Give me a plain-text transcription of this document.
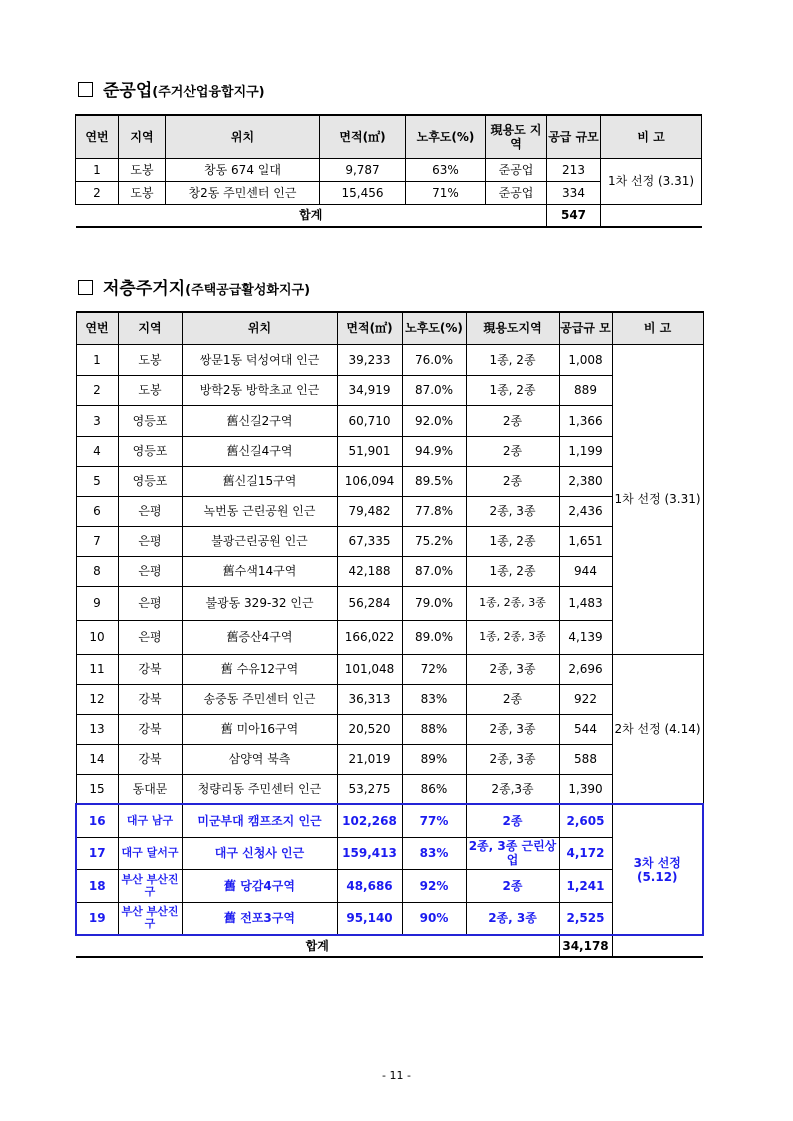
준공업(주거산업융합지구)
연번	지역	위치	면적(㎡)	노후도(%)	現용도 지역	공급 규모	비 고
1	도봉	창동 674 일대	9,787	63%	준공업	213	1차 선정 (3.31)
2	도봉	창2동 주민센터 인근	15,456	71%	준공업	334	
합계						547	
저층주거지(주택공급활성화지구)
연번	지역	위치	면적(㎡)	노후도(%)	現용도지역	공급규 모	비 고
1	도봉	쌍문1동 덕성여대 인근	39,233	76.0%	1종, 2종	1,008	1차 선정 (3.31)
2	도봉	방학2동 방학초교 인근	34,919	87.0%	1종, 2종	889	
3	영등포	舊신길2구역	60,710	92.0%	2종	1,366	
4	영등포	舊신길4구역	51,901	94.9%	2종	1,199	
5	영등포	舊신길15구역	106,094	89.5%	2종	2,380	
6	은평	녹번동 근린공원 인근	79,482	77.8%	2종, 3종	2,436	
7	은평	불광근린공원 인근	67,335	75.2%	1종, 2종	1,651	
8	은평	舊수색14구역	42,188	87.0%	1종, 2종	944	
9	은평	불광동 329-32 인근	56,284	79.0%	1종, 2종, 3종	1,483	
10	은평	舊증산4구역	166,022	89.0%	1종, 2종, 3종	4,139	
11	강북	舊 수유12구역	101,048	72%	2종, 3종	2,696	2차 선정 (4.14)
12	강북	송중동 주민센터 인근	36,313	83%	2종	922	
13	강북	舊 미아16구역	20,520	88%	2종, 3종	544	
14	강북	삼양역 북측	21,019	89%	2종, 3종	588	
15	동대문	청량리동 주민센터 인근	53,275	86%	2종,3종	1,390	
16	대구 남구	미군부대 캠프조지 인근	102,268	77%	2종	2,605	3차 선정 (5.12)
17	대구 달서구	대구 신청사 인근	159,413	83%	2종, 3종 근린상업	4,172	
18	부산 부산진구	舊 당감4구역	48,686	92%	2종	1,241	
19	부산 부산진구	舊 전포3구역	95,140	90%	2종, 3종	2,525	
합계						34,178	
- 11 -
